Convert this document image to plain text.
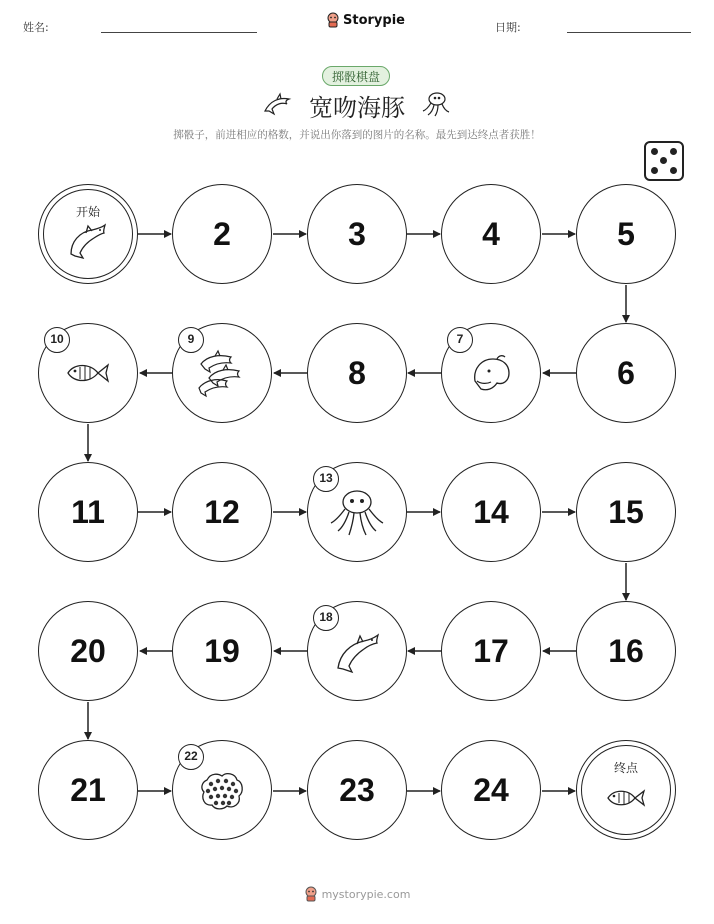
姓名:	Storypie	日期:
掷骰棋盘
宽吻海豚
掷骰子，前进相应的格数，并说出你落到的图片的名称。最先到达终点者获胜！
开始
2	3	4	5
6
7
8
9
10
11	12
13
14	15
16
17
18
19
20
21
22
23	24
终点
mystorypie.com
